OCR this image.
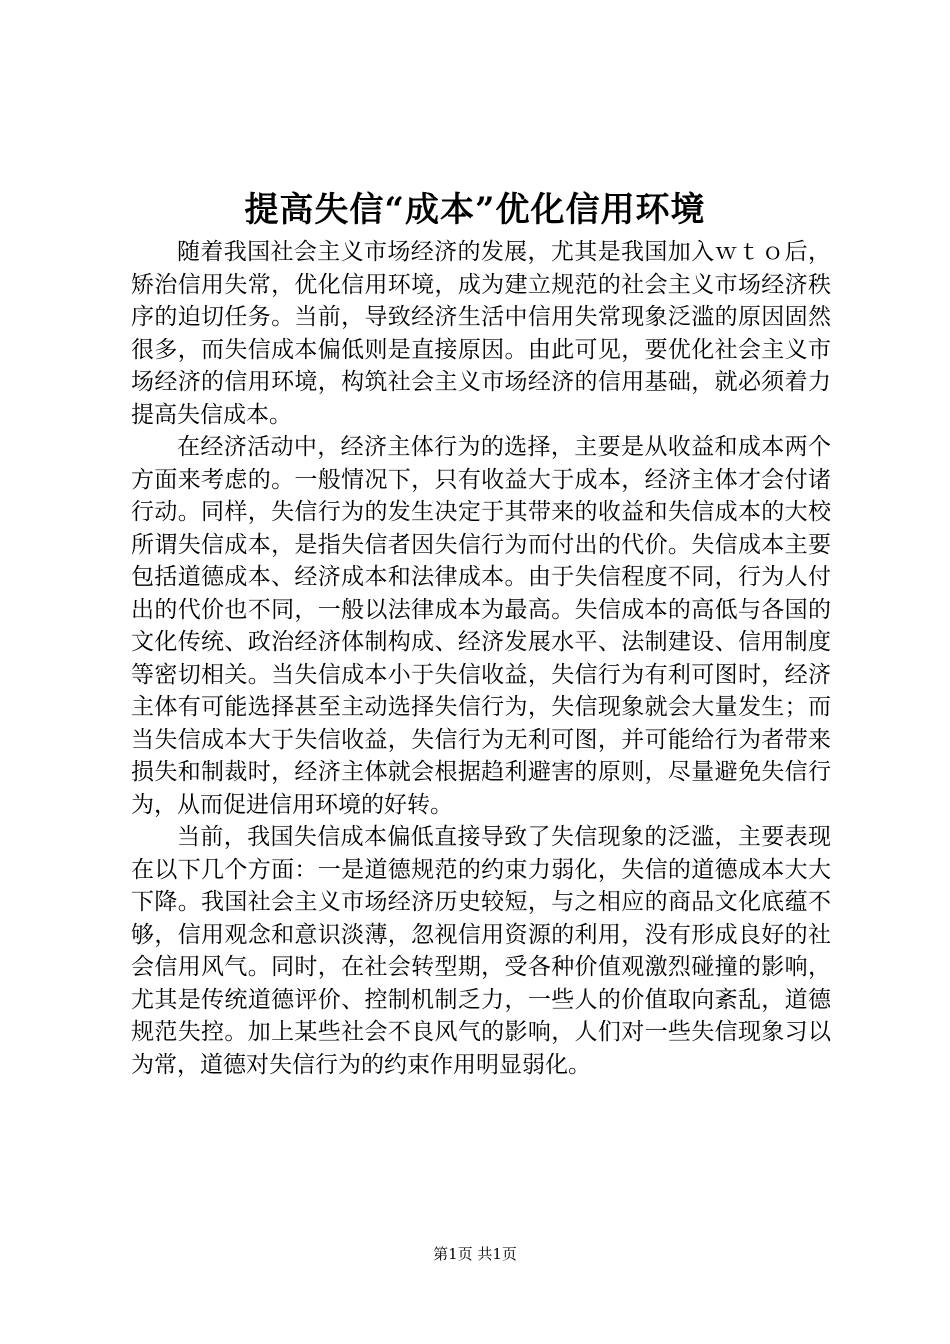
提高失信“成本”优化信用环境

随着我国社会主义市场经济的发展，尤其是我国加入ｗｔｏ后，矫治信用失常，优化信用环境，成为建立规范的社会主义市场经济秩序的迫切任务。当前，导致经济生活中信用失常现象泛滥的原因固然很多，而失信成本偏低则是直接原因。由此可见，要优化社会主义市场经济的信用环境，构筑社会主义市场经济的信用基础，就必须着力提高失信成本。

在经济活动中，经济主体行为的选择，主要是从收益和成本两个方面来考虑的。一般情况下，只有收益大于成本，经济主体才会付诸行动。同样，失信行为的发生决定于其带来的收益和失信成本的大校所谓失信成本，是指失信者因失信行为而付出的代价。失信成本主要包括道德成本、经济成本和法律成本。由于失信程度不同，行为人付出的代价也不同，一般以法律成本为最高。失信成本的高低与各国的文化传统、政治经济体制构成、经济发展水平、法制建设、信用制度等密切相关。当失信成本小于失信收益，失信行为有利可图时，经济主体有可能选择甚至主动选择失信行为，失信现象就会大量发生；而当失信成本大于失信收益，失信行为无利可图，并可能给行为者带来损失和制裁时，经济主体就会根据趋利避害的原则，尽量避免失信行为，从而促进信用环境的好转。

当前，我国失信成本偏低直接导致了失信现象的泛滥，主要表现在以下几个方面：一是道德规范的约束力弱化，失信的道德成本大大下降。我国社会主义市场经济历史较短，与之相应的商品文化底蕴不够，信用观念和意识淡薄，忽视信用资源的利用，没有形成良好的社会信用风气。同时，在社会转型期，受各种价值观激烈碰撞的影响，尤其是传统道德评价、控制机制乏力，一些人的价值取向紊乱，道德规范失控。加上某些社会不良风气的影响，人们对一些失信现象习以为常，道德对失信行为的约束作用明显弱化。

第1页 共1页
